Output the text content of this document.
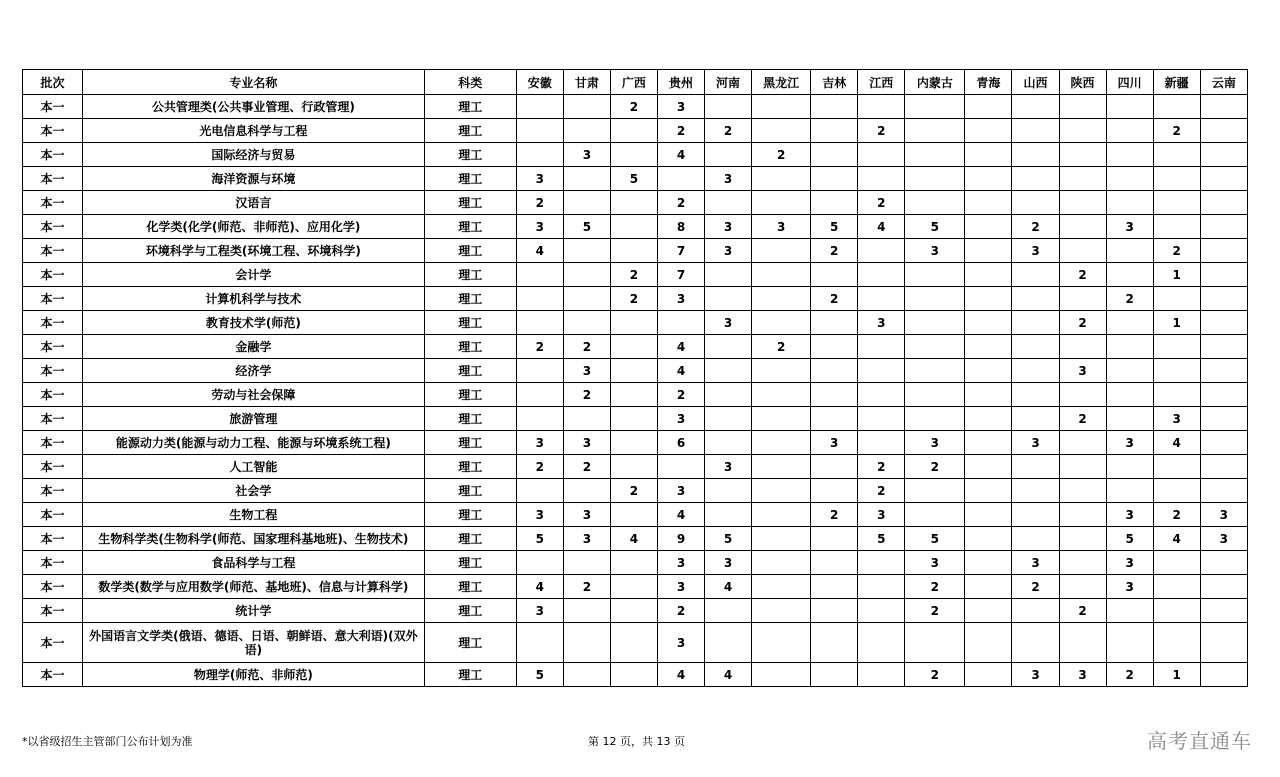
批次	专业名称	科类	安徽	甘肃	广西	贵州	河南	黑龙江	吉林	江西	内蒙古	青海	山西	陕西	四川	新疆	云南
本一	公共管理类(公共事业管理、行政管理)	理工			2	3											
本一	光电信息科学与工程	理工				2	2			2						2	
本一	国际经济与贸易	理工		3		4		2									
本一	海洋资源与环境	理工	3		5		3										
本一	汉语言	理工	2			2				2							
本一	化学类(化学(师范、非师范)、应用化学)	理工	3	5		8	3	3	5	4	5		2		3		
本一	环境科学与工程类(环境工程、环境科学)	理工	4			7	3		2		3		3			2	
本一	会计学	理工			2	7								2		1	
本一	计算机科学与技术	理工			2	3			2						2		
本一	教育技术学(师范)	理工					3			3				2		1	
本一	金融学	理工	2	2		4		2									
本一	经济学	理工		3		4								3			
本一	劳动与社会保障	理工		2		2											
本一	旅游管理	理工				3								2		3	
本一	能源动力类(能源与动力工程、能源与环境系统工程)	理工	3	3		6			3		3		3		3	4	
本一	人工智能	理工	2	2			3			2	2						
本一	社会学	理工			2	3				2							
本一	生物工程	理工	3	3		4			2	3					3	2	3
本一	生物科学类(生物科学(师范、国家理科基地班)、生物技术)	理工	5	3	4	9	5			5	5				5	4	3
本一	食品科学与工程	理工				3	3				3		3		3		
本一	数学类(数学与应用数学(师范、基地班)、信息与计算科学)	理工	4	2		3	4				2		2		3		
本一	统计学	理工	3			2					2			2			
本一	外国语言文学类(俄语、德语、日语、朝鲜语、意大利语)(双外语)	理工				3											
本一	物理学(师范、非师范)	理工	5			4	4				2		3	3	2	1	
*以省级招生主管部门公布计划为准	第 12 页，共 13 页	高考直通车
